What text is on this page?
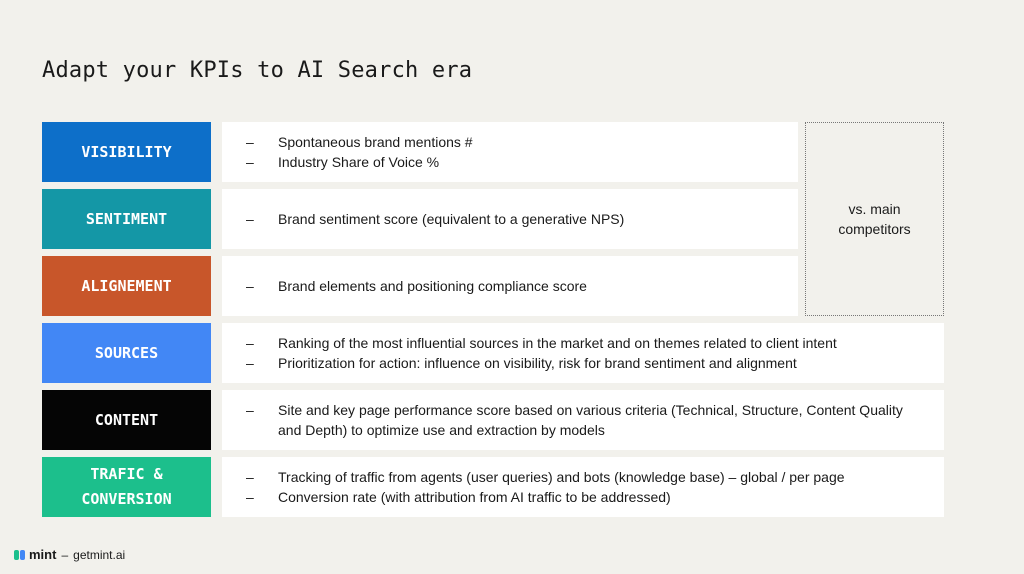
Adapt your KPIs to AI Search era
VISIBILITY
– Spontaneous brand mentions #
– Industry Share of Voice %
SENTIMENT	– Brand sentiment score (equivalent to a generative NPS)
ALIGNEMENT	– Brand elements and positioning compliance score
SOURCES
– Ranking of the most influential sources in the market and on themes related to client intent
– Prioritization for action: influence on visibility, risk for brand sentiment and alignment
CONTENT
– Site and key page performance score based on various criteria (Technical, Structure, Content Quality and Depth) to optimize use and extraction by models
TRAFIC &
CONVERSION
– Tracking of traffic from agents (user queries) and bots (knowledge base) – global / per page
– Conversion rate (with attribution from AI traffic to be addressed)
vs. main competitors
mint – getmint.ai
